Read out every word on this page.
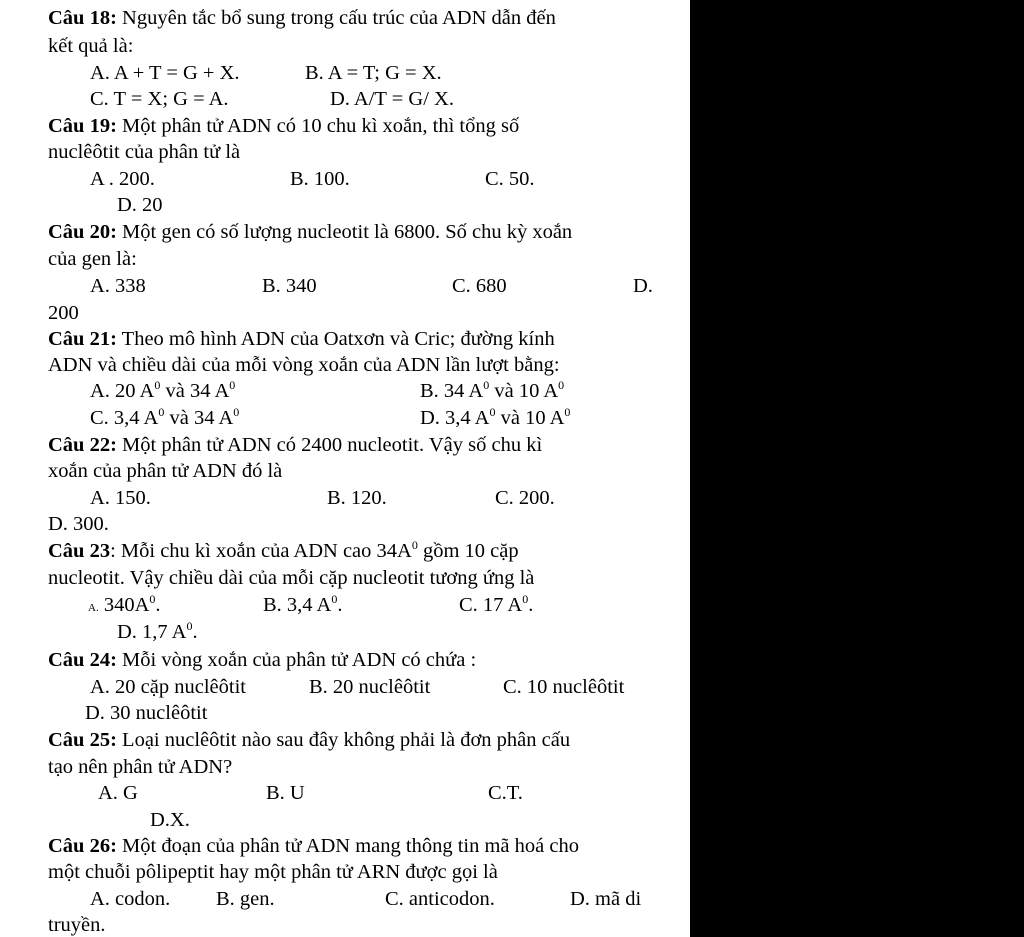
Câu 18: Nguyên tắc bổ sung trong cấu trúc của ADN dẫn đến
kết quả là:
A. A + T = G + X.	B. A = T; G = X.
C. T = X; G = A.	D. A/T = G/ X.
Câu 19: Một phân tử ADN có 10 chu kì xoắn, thì tổng số
nuclêôtit của phân tử là
A . 200.	B. 100.	C. 50.
D. 20
Câu 20: Một gen có số lượng nucleotit là 6800. Số chu kỳ xoắn
của gen là:
A. 338	B. 340	C. 680	D.
200
Câu 21: Theo mô hình ADN của Oatxơn và Cric; đường kính
ADN và chiều dài của mỗi vòng xoắn của ADN lần lượt bằng:
A. 20 $A^0$ và 34 $A^0$	B. 34 $A^0$ và 10 $A^0$
C. 3,4 $A^0$ và 34 $A^0$	D. 3,4 $A^0$ và 10 $A^0$
Câu 22: Một phân tử ADN có 2400 nucleotit. Vậy số chu kì
xoắn của phân tử ADN đó là
A. 150.	B. 120.	C. 200.
D. 300.
Câu 23: Mỗi chu kì xoắn của ADN cao $34A^0$ gồm 10 cặp
nucleotit. Vậy chiều dài của mỗi cặp nucleotit tương ứng là
A. $340A^0$.	B. 3,4 $A^0$.	C. 17 $A^0$.
D. 1,7 $A^0$.
Câu 24: Mỗi vòng xoắn của phân tử ADN có chứa :
A. 20 cặp nuclêôtit	B. 20 nuclêôtit	C. 10 nuclêôtit
D. 30 nuclêôtit
Câu 25: Loại nuclêôtit nào sau đây không phải là đơn phân cấu
tạo nên phân tử ADN?
A. G	B. U	C.T.
D.X.
Câu 26: Một đoạn của phân tử ADN mang thông tin mã hoá cho
một chuỗi pôlipeptit hay một phân tử ARN được gọi là
A. codon. B. gen.	C. anticodon.	D. mã di
truyền.
